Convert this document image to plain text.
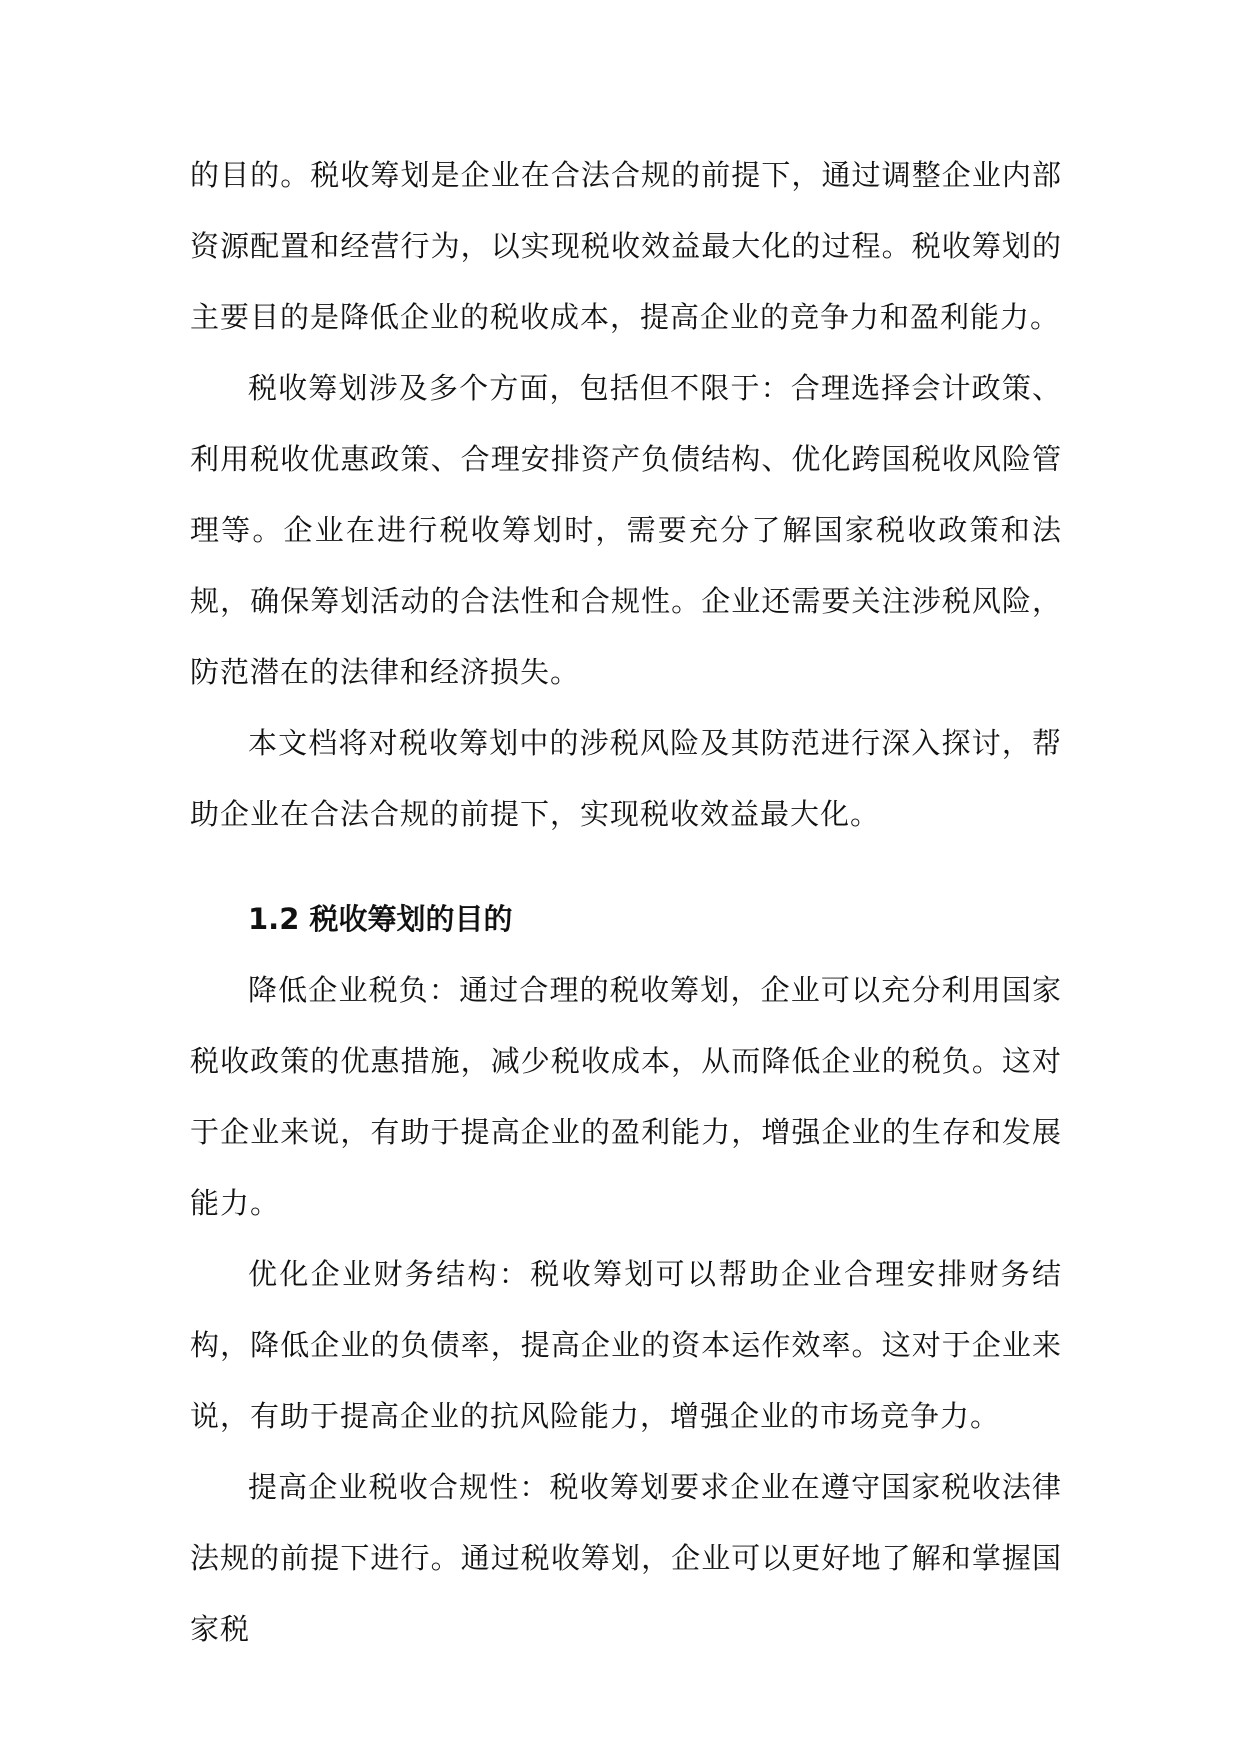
的目的。税收筹划是企业在合法合规的前提下，通过调整企业内部资源配置和经营行为，以实现税收效益最大化的过程。税收筹划的主要目的是降低企业的税收成本，提高企业的竞争力和盈利能力。

税收筹划涉及多个方面，包括但不限于：合理选择会计政策、利用税收优惠政策、合理安排资产负债结构、优化跨国税收风险管理等。企业在进行税收筹划时，需要充分了解国家税收政策和法规，确保筹划活动的合法性和合规性。企业还需要关注涉税风险，防范潜在的法律和经济损失。

本文档将对税收筹划中的涉税风险及其防范进行深入探讨，帮助企业在合法合规的前提下，实现税收效益最大化。

1.2 税收筹划的目的

降低企业税负：通过合理的税收筹划，企业可以充分利用国家税收政策的优惠措施，减少税收成本，从而降低企业的税负。这对于企业来说，有助于提高企业的盈利能力，增强企业的生存和发展能力。

优化企业财务结构：税收筹划可以帮助企业合理安排财务结构，降低企业的负债率，提高企业的资本运作效率。这对于企业来说，有助于提高企业的抗风险能力，增强企业的市场竞争力。

提高企业税收合规性：税收筹划要求企业在遵守国家税收法律法规的前提下进行。通过税收筹划，企业可以更好地了解和掌握国家税
